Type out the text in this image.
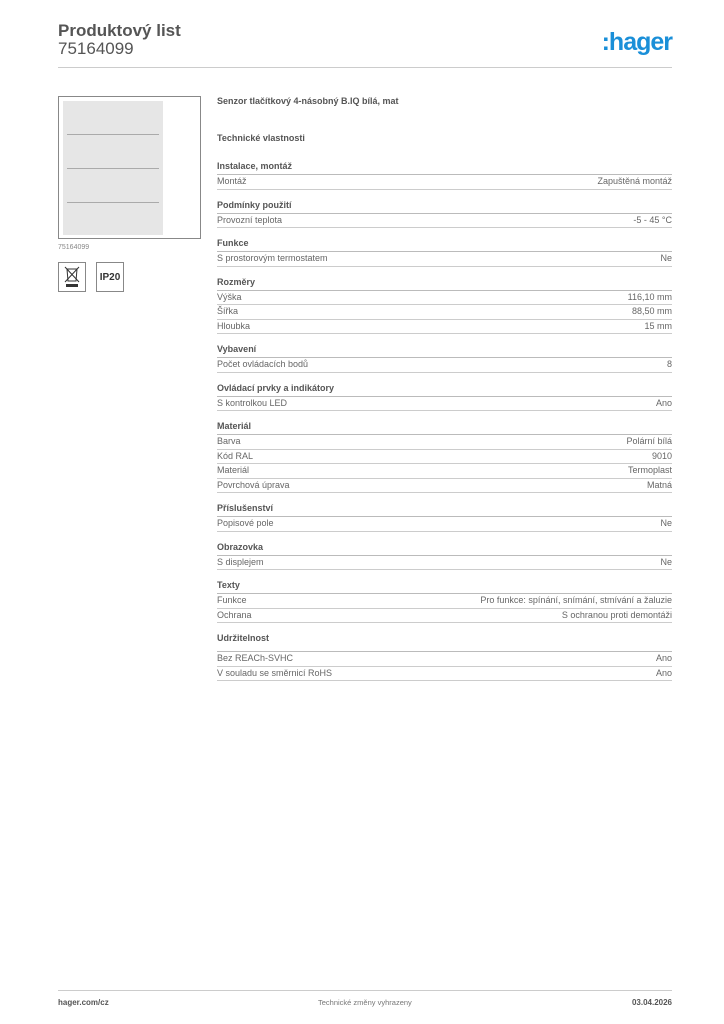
Produktový list
75164099	:hager
75164099
IP20
Senzor tlačítkový 4-násobný B.IQ bílá, mat
Technické vlastnosti
Instalace, montáž
Montáž	Zapuštěná montáž
Podmínky použití
Provozní teplota	-5 - 45 °C
Funkce
S prostorovým termostatem	Ne
Rozměry
Výška	116,10 mm
Šířka	88,50 mm
Hloubka	15 mm
Vybavení
Počet ovládacích bodů	8
Ovládací prvky a indikátory
S kontrolkou LED	Ano
Materiál
Barva	Polární bílá
Kód RAL	9010
Materiál	Termoplast
Povrchová úprava	Matná
Příslušenství
Popisové pole	Ne
Obrazovka
S displejem	Ne
Texty
Funkce	Pro funkce: spínání, snímání, stmívání a žaluzie
Ochrana	S ochranou proti demontáži
Udržitelnost
Bez REACh-SVHC	Ano
V souladu se směrnicí RoHS	Ano
hager.com/cz	Technické změny vyhrazeny	03.04.2026
